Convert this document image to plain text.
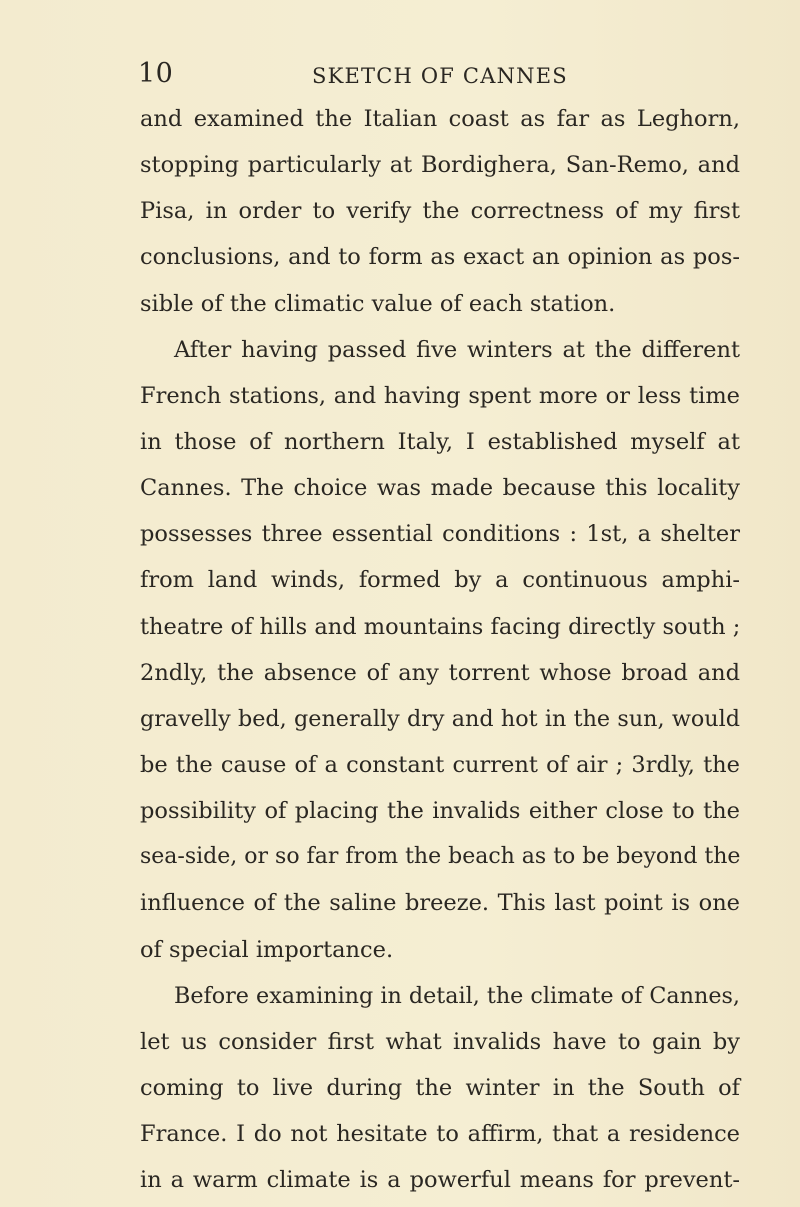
10	SKETCH OF CANNES
and examined the Italian coast as far as Leghorn,
stopping particularly at Bordighera, San-Remo, and
Pisa, in order to verify the correctness of my first
conclusions, and to form as exact an opinion as pos-
sible of the climatic value of each station.
After having passed five winters at the different
French stations, and having spent more or less time
in those of northern Italy, I established myself at
Cannes. The choice was made because this locality
possesses three essential conditions : 1st, a shelter
from land winds, formed by a continuous amphi-
theatre of hills and mountains facing directly south ;
2ndly, the absence of any torrent whose broad and
gravelly bed, generally dry and hot in the sun, would
be the cause of a constant current of air ; 3rdly, the
possibility of placing the invalids either close to the
sea-side, or so far from the beach as to be beyond the
influence of the saline breeze. This last point is one
of special importance.
Before examining in detail, the climate of Cannes,
let us consider first what invalids have to gain by
coming to live during the winter in the South of
France. I do not hesitate to affirm, that a residence
in a warm climate is a powerful means for prevent-
